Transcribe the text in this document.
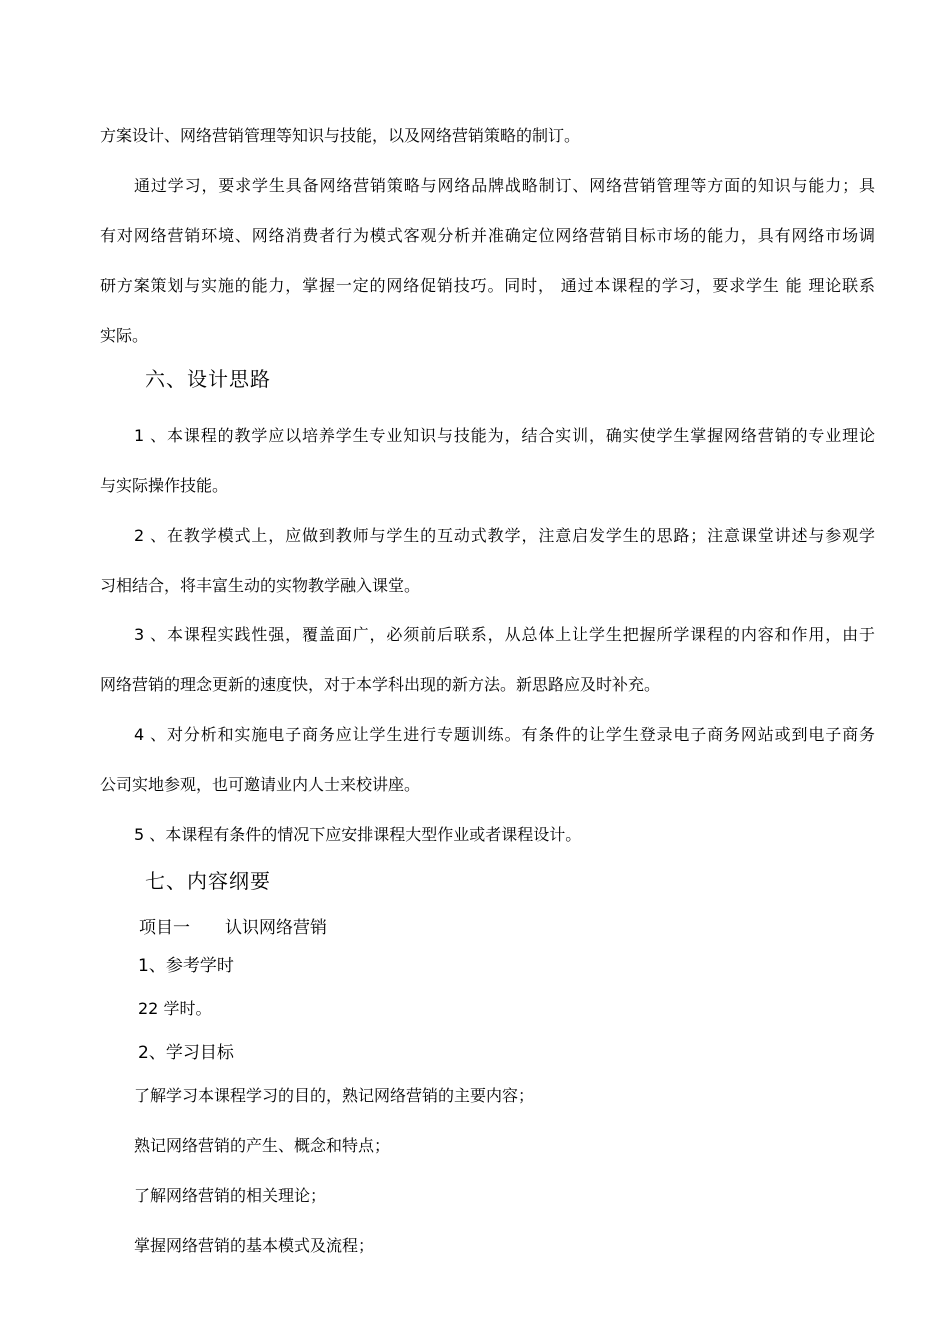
方案设计、网络营销管理等知识与技能，以及网络营销策略的制订。
通过学习，要求学生具备网络营销策略与网络品牌战略制订、网络营销管理等方面的知识与能力；具
有对网络营销环境、网络消费者行为模式客观分析并准确定位网络营销目标市场的能力，具有网络市场调
研方案策划与实施的能力，掌握一定的网络促销技巧。同时， 通过本课程的学习，要求学生 能 理论联系
实际。
六、设计思路
1 、本课程的教学应以培养学生专业知识与技能为，结合实训，确实使学生掌握网络营销的专业理论
与实际操作技能。
2 、在教学模式上，应做到教师与学生的互动式教学，注意启发学生的思路；注意课堂讲述与参观学
习相结合，将丰富生动的实物教学融入课堂。
3 、本课程实践性强，覆盖面广，必须前后联系，从总体上让学生把握所学课程的内容和作用，由于
网络营销的理念更新的速度快，对于本学科出现的新方法。新思路应及时补充。
4 、对分析和实施电子商务应让学生进行专题训练。有条件的让学生登录电子商务网站或到电子商务
公司实地参观，也可邀请业内人士来校讲座。
5 、本课程有条件的情况下应安排课程大型作业或者课程设计。
七、内容纲要
项目一	认识网络营销
1、参考学时
22 学时。
2、学习目标
了解学习本课程学习的目的，熟记网络营销的主要内容；
熟记网络营销的产生、概念和特点；
了解网络营销的相关理论；
掌握网络营销的基本模式及流程；
